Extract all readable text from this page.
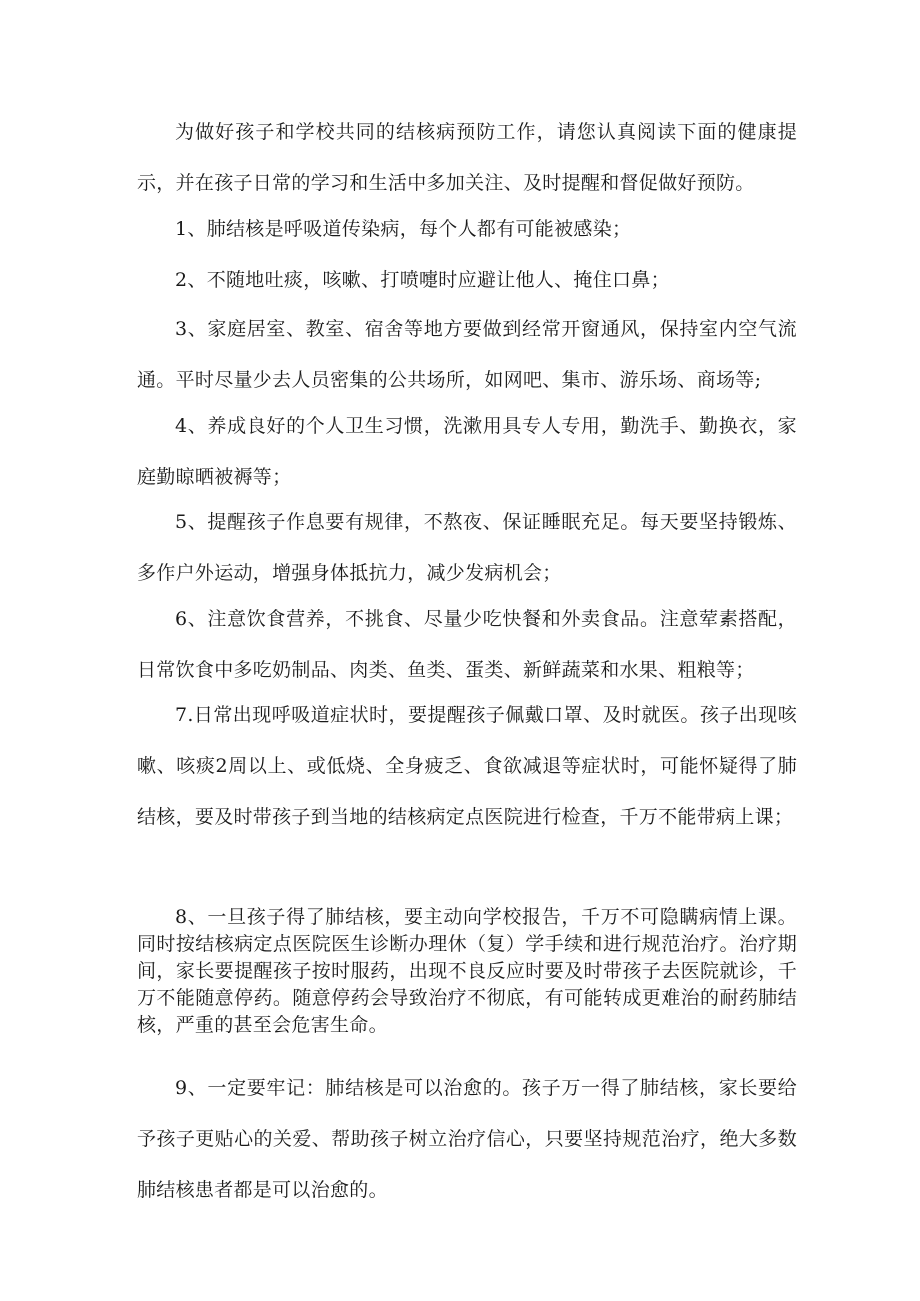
为做好孩子和学校共同的结核病预防工作，请您认真阅读下面的健康提示，并在孩子日常的学习和生活中多加关注、及时提醒和督促做好预防。

1、肺结核是呼吸道传染病，每个人都有可能被感染；

2、不随地吐痰，咳嗽、打喷嚏时应避让他人、掩住口鼻；

3、家庭居室、教室、宿舍等地方要做到经常开窗通风，保持室内空气流通。平时尽量少去人员密集的公共场所，如网吧、集市、游乐场、商场等;

4、养成良好的个人卫生习惯，洗漱用具专人专用，勤洗手、勤换衣，家庭勤晾晒被褥等；

5、提醒孩子作息要有规律，不熬夜、保证睡眠充足。每天要坚持锻炼、多作户外运动，增强身体抵抗力，减少发病机会；

6、注意饮食营养，不挑食、尽量少吃快餐和外卖食品。注意荤素搭配，日常饮食中多吃奶制品、肉类、鱼类、蛋类、新鲜蔬菜和水果、粗粮等；

7.日常出现呼吸道症状时，要提醒孩子佩戴口罩、及时就医。孩子出现咳嗽、咳痰2周以上、或低烧、全身疲乏、食欲减退等症状时，可能怀疑得了肺结核，要及时带孩子到当地的结核病定点医院进行检查，千万不能带病上课；

8、一旦孩子得了肺结核，要主动向学校报告，千万不可隐瞒病情上课。同时按结核病定点医院医生诊断办理休（复）学手续和进行规范治疗。治疗期间，家长要提醒孩子按时服药，出现不良反应时要及时带孩子去医院就诊，千万不能随意停药。随意停药会导致治疗不彻底，有可能转成更难治的耐药肺结核，严重的甚至会危害生命。

9、一定要牢记：肺结核是可以治愈的。孩子万一得了肺结核，家长要给予孩子更贴心的关爱、帮助孩子树立治疗信心，只要坚持规范治疗，绝大多数肺结核患者都是可以治愈的。
